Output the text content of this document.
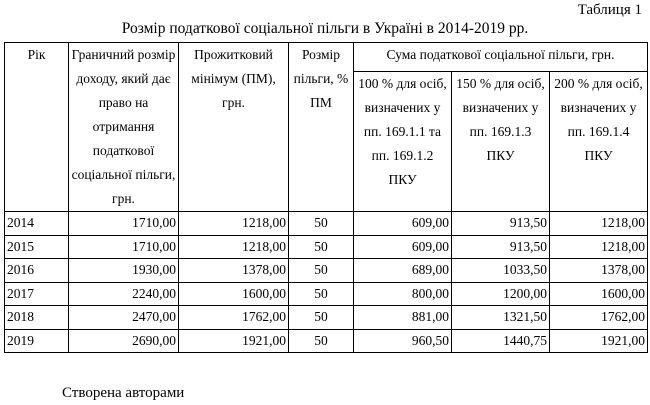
Таблиця 1
Розмір податкової соціальної пільги в Україні в 2014-2019 рр.
Рік	Граничний розмір доходу, який дає право на отримання податкової соціальної пільги, грн.	Прожитковий мінімум (ПМ), грн.	Розмір пільги, % ПМ	Сума податкової соціальної пільги, грн.		
				100 % для осіб, визначених у пп. 169.1.1 та пп. 169.1.2 ПКУ	150 % для осіб, визначених у пп. 169.1.3 ПКУ	200 % для осіб, визначених у пп. 169.1.4 ПКУ
2014	1710,00	1218,00	50	609,00	913,50	1218,00
2015	1710,00	1218,00	50	609,00	913,50	1218,00
2016	1930,00	1378,00	50	689,00	1033,50	1378,00
2017	2240,00	1600,00	50	800,00	1200,00	1600,00
2018	2470,00	1762,00	50	881,00	1321,50	1762,00
2019	2690,00	1921,00	50	960,50	1440,75	1921,00
Створена авторами
